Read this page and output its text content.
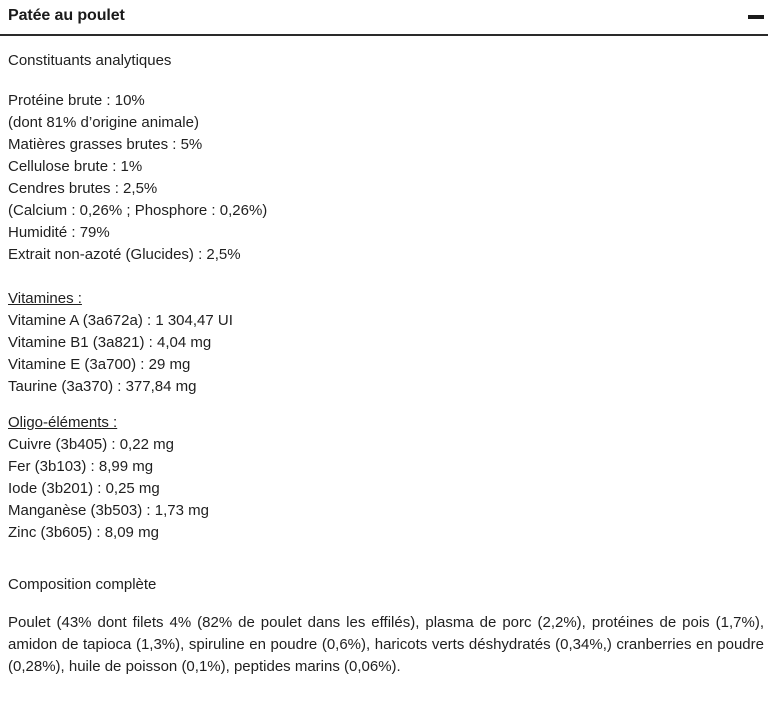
Patée au poulet

Constituants analytiques

Protéine brute : 10%
(dont 81% d’origine animale)
Matières grasses brutes : 5%
Cellulose brute : 1%
Cendres brutes : 2,5%
(Calcium : 0,26% ; Phosphore : 0,26%)
Humidité : 79%
Extrait non-azoté (Glucides) : 2,5%

Vitamines :

Vitamine A (3a672a) : 1 304,47 UI
Vitamine B1 (3a821) : 4,04 mg
Vitamine E (3a700) : 29 mg
Taurine (3a370) : 377,84 mg

Oligo-éléments :

Cuivre (3b405) : 0,22 mg
Fer (3b103) : 8,99 mg
Iode (3b201) : 0,25 mg
Manganèse (3b503) : 1,73 mg
Zinc (3b605) : 8,09 mg

Composition complète

Poulet (43% dont filets 4% (82% de poulet dans les effilés), plasma de porc (2,2%), protéines de pois (1,7%), amidon de tapioca (1,3%), spiruline en poudre (0,6%), haricots verts déshydratés (0,34%,) cranberries en poudre (0,28%), huile de poisson (0,1%), peptides marins (0,06%).
